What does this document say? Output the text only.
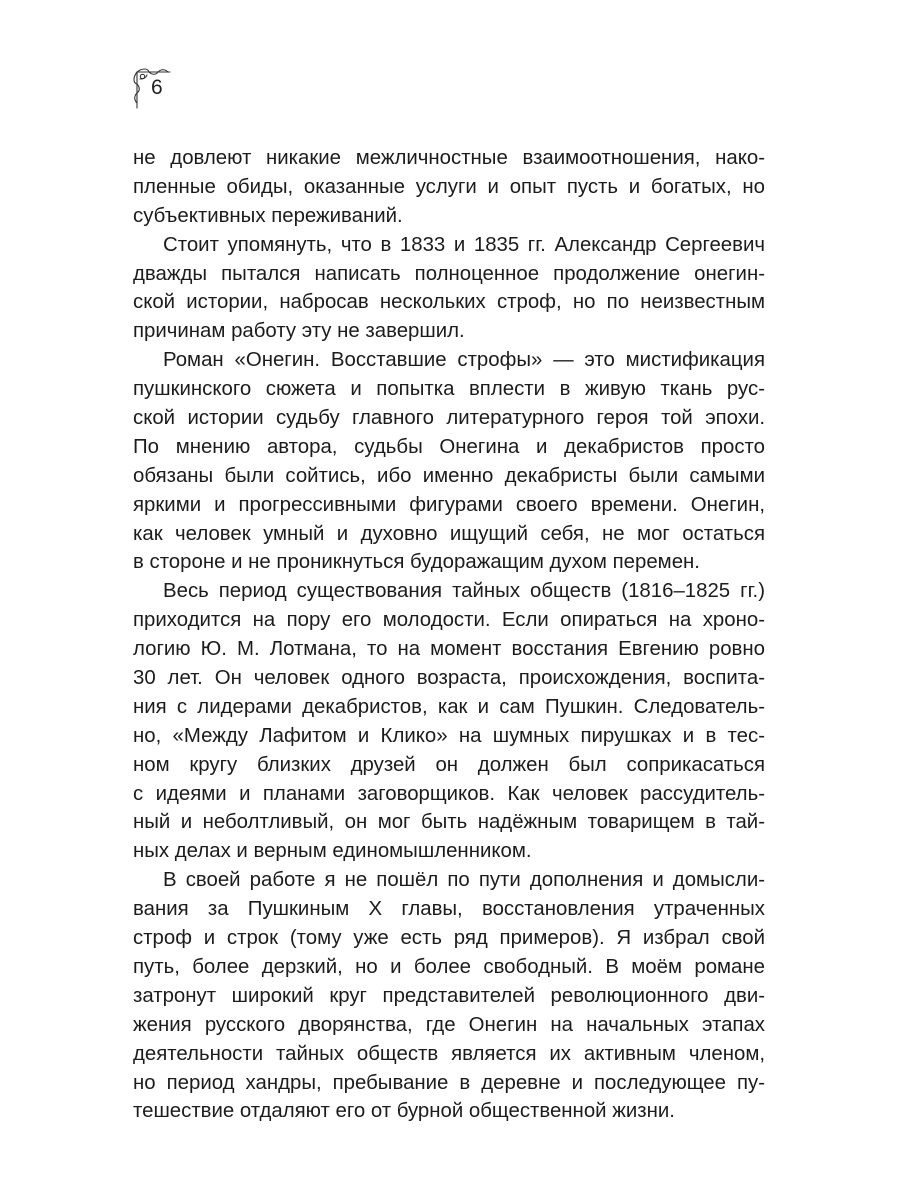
6
не довлеют никакие межличностные взаимоотношения, нако-
пленные обиды, оказанные услуги и опыт пусть и богатых, но
субъективных переживаний.
Стоит упомянуть, что в 1833 и 1835 гг. Александр Сергеевич
дважды пытался написать полноценное продолжение онегин-
ской истории, набросав нескольких строф, но по неизвестным
причинам работу эту не завершил.
Роман «Онегин. Восставшие строфы» — это мистификация
пушкинского сюжета и попытка вплести в живую ткань рус-
ской истории судьбу главного литературного героя той эпохи.
По мнению автора, судьбы Онегина и декабристов просто
обязаны были сойтись, ибо именно декабристы были самыми
яркими и прогрессивными фигурами своего времени. Онегин,
как человек умный и духовно ищущий себя, не мог остаться
в стороне и не проникнуться будоражащим духом перемен.
Весь период существования тайных обществ (1816–1825 гг.)
приходится на пору его молодости. Если опираться на хроно-
логию Ю. М. Лотмана, то на момент восстания Евгению ровно
30 лет. Он человек одного возраста, происхождения, воспита-
ния с лидерами декабристов, как и сам Пушкин. Следователь-
но, «Между Лафитом и Клико» на шумных пирушках и в тес-
ном кругу близких друзей он должен был соприкасаться
с идеями и планами заговорщиков. Как человек рассудитель-
ный и неболтливый, он мог быть надёжным товарищем в тай-
ных делах и верным единомышленником.
В своей работе я не пошёл по пути дополнения и домысли-
вания за Пушкиным X главы, восстановления утраченных
строф и строк (тому уже есть ряд примеров). Я избрал свой
путь, более дерзкий, но и более свободный. В моём романе
затронут широкий круг представителей революционного дви-
жения русского дворянства, где Онегин на начальных этапах
деятельности тайных обществ является их активным членом,
но период хандры, пребывание в деревне и последующее пу-
тешествие отдаляют его от бурной общественной жизни.
